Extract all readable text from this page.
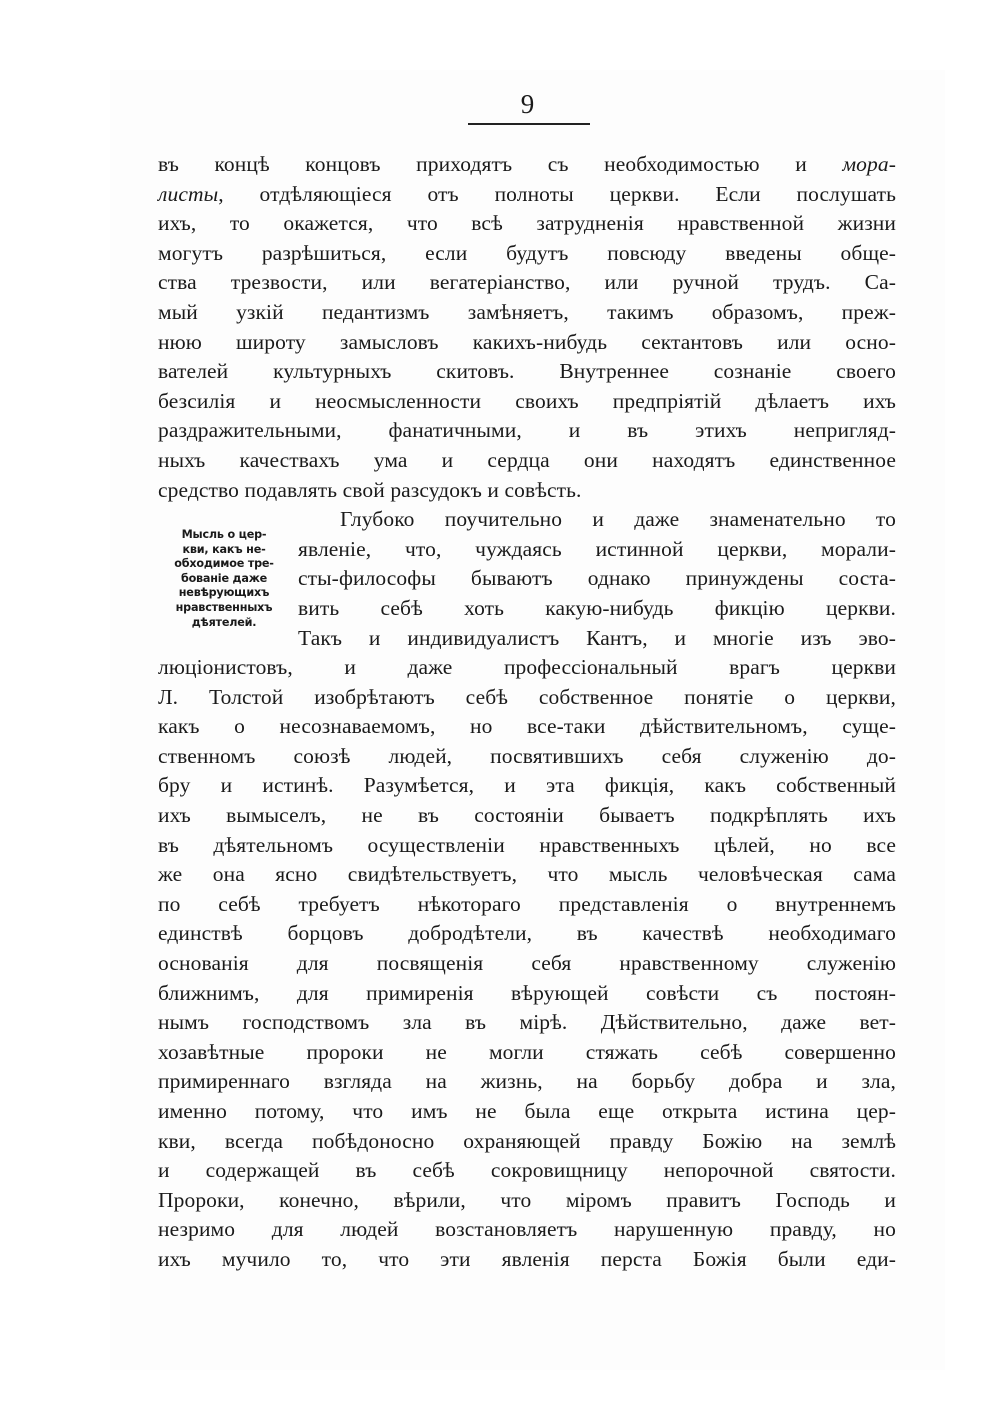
9
Мысль о цер-
кви, какъ не-
обходимое тре-
бованіе даже
невѣрующихъ
нравственныхъ
дѣятелей.
въ концѣ концовъ приходятъ съ необходимостью и мора-
листы, отдѣляющіеся отъ полноты церкви. Если послушать
ихъ, то окажется, что всѣ затрудненія нравственной жизни
могутъ разрѣшиться, если будутъ повсюду введены обще-
ства трезвости, или вегатеріанство, или ручной трудъ. Са-
мый узкій педантизмъ замѣняетъ, такимъ образомъ, преж-
нюю широту замысловъ какихъ-нибудь сектантовъ или осно-
вателей культурныхъ скитовъ. Внутреннее сознаніе своего
безсилія и неосмысленности своихъ предпріятій дѣлаетъ ихъ
раздражительными, фанатичными, и въ этихъ непригляд-
ныхъ качествахъ ума и сердца они находятъ единственное
средство подавлять свой разсудокъ и совѣсть.
Глубоко поучительно и даже знаменательно то
явленіе, что, чуждаясь истинной церкви, морали-
сты-философы бываютъ однако принуждены соста-
вить себѣ хоть какую-нибудь фикцію церкви.
Такъ и индивидуалистъ Кантъ, и многіе изъ эво-
люціонистовъ, и даже профессіональный врагъ церкви
Л. Толстой изобрѣтаютъ себѣ собственное понятіе о церкви,
какъ о несознаваемомъ, но все-таки дѣйствительномъ, суще-
ственномъ союзѣ людей, посвятившихъ себя служенію до-
бру и истинѣ. Разумѣется, и эта фикція, какъ собственный
ихъ вымыселъ, не въ состояніи бываетъ подкрѣплять ихъ
въ дѣятельномъ осуществленіи нравственныхъ цѣлей, но все
же она ясно свидѣтельствуетъ, что мысль человѣческая сама
по себѣ требуетъ нѣкотораго представленія о внутреннемъ
единствѣ борцовъ добродѣтели, въ качествѣ необходимаго
основанія для посвященія себя нравственному служенію
ближнимъ, для примиренія вѣрующей совѣсти съ постоян-
нымъ господствомъ зла въ мірѣ. Дѣйствительно, даже вет-
хозавѣтные пророки не могли стяжать себѣ совершенно
примиреннаго взгляда на жизнь, на борьбу добра и зла,
именно потому, что имъ не была еще открыта истина цер-
кви, всегда побѣдоносно охраняющей правду Божію на землѣ
и содержащей въ себѣ сокровищницу непорочной святости.
Пророки, конечно, вѣрили, что міромъ правитъ Господь и
незримо для людей возстановляетъ нарушенную правду, но
ихъ мучило то, что эти явленія перста Божія были еди-
